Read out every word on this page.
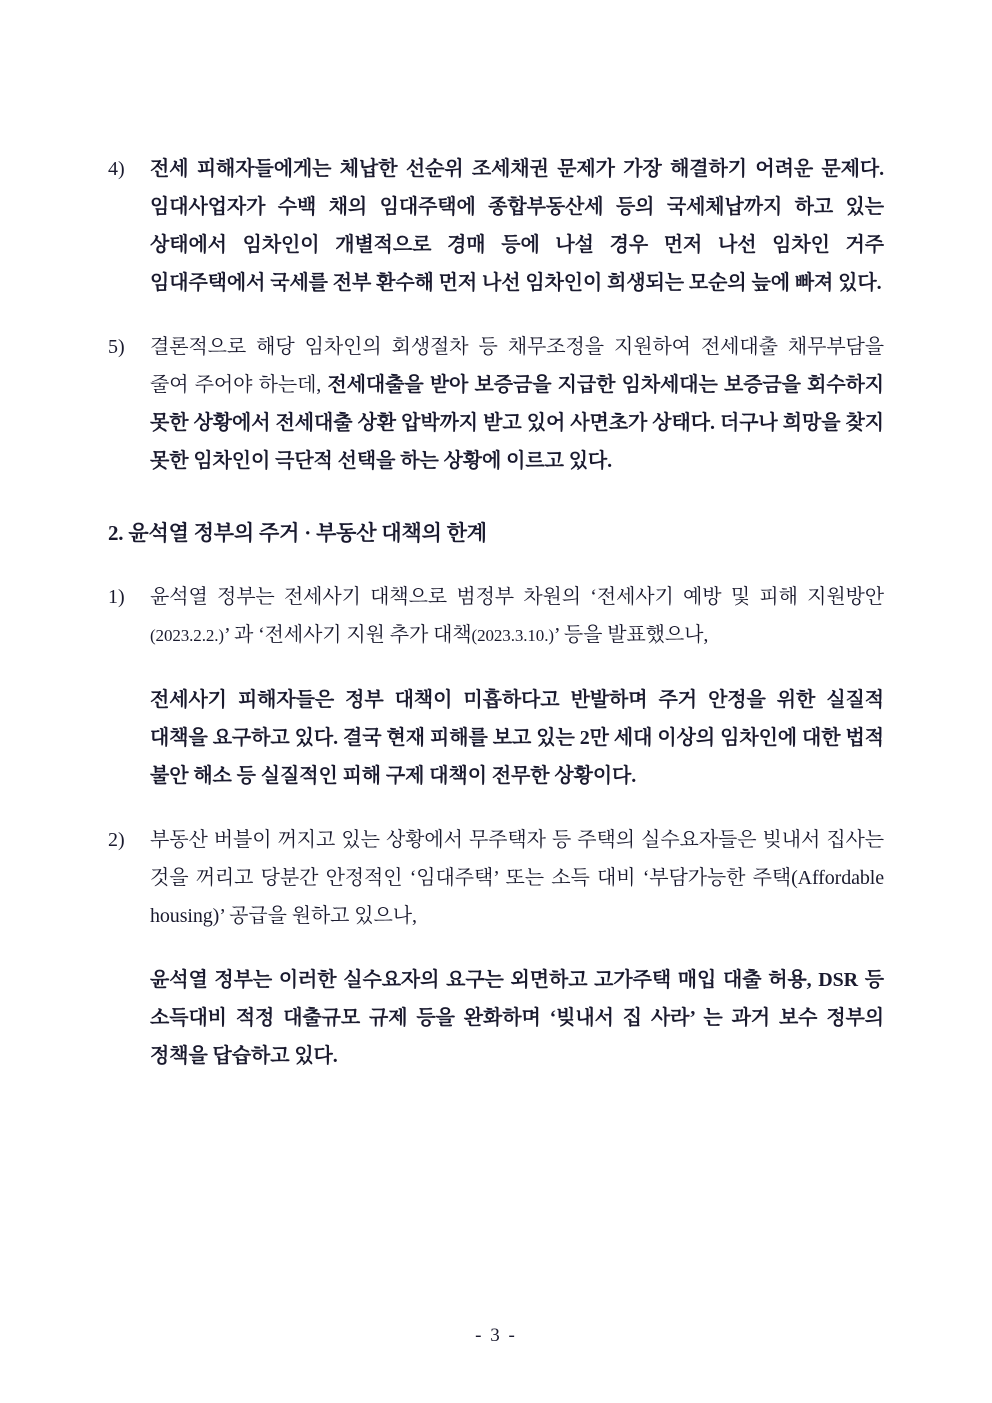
4) 전세 피해자들에게는 체납한 선순위 조세채권 문제가 가장 해결하기 어려운 문제다. 임대사업자가 수백 채의 임대주택에 종합부동산세 등의 국세체납까지 하고 있는 상태에서 임차인이 개별적으로 경매 등에 나설 경우 먼저 나선 임차인 거주 임대주택에서 국세를 전부 환수해 먼저 나선 임차인이 희생되는 모순의 늪에 빠져 있다.
5) 결론적으로 해당 임차인의 회생절차 등 채무조정을 지원하여 전세대출 채무부담을 줄여 주어야 하는데, 전세대출을 받아 보증금을 지급한 임차세대는 보증금을 회수하지 못한 상황에서 전세대출 상환 압박까지 받고 있어 사면초가 상태다. 더구나 희망을 찾지 못한 임차인이 극단적 선택을 하는 상황에 이르고 있다.
2. 윤석열 정부의 주거 · 부동산 대책의 한계
1) 윤석열 정부는 전세사기 대책으로 범정부 차원의 ‘전세사기 예방 및 피해 지원방안(2023.2.2.)’ 과 ‘전세사기 지원 추가 대책(2023.3.10.)’ 등을 발표했으나,
전세사기 피해자들은 정부 대책이 미흡하다고 반발하며 주거 안정을 위한 실질적 대책을 요구하고 있다. 결국 현재 피해를 보고 있는 2만 세대 이상의 임차인에 대한 법적 불안 해소 등 실질적인 피해 구제 대책이 전무한 상황이다.
2) 부동산 버블이 꺼지고 있는 상황에서 무주택자 등 주택의 실수요자들은 빚내서 집사는 것을 꺼리고 당분간 안정적인 ‘임대주택’ 또는 소득 대비 ‘부담가능한 주택(Affordable housing)’ 공급을 원하고 있으나,
윤석열 정부는 이러한 실수요자의 요구는 외면하고 고가주택 매입 대출 허용, DSR 등 소득대비 적정 대출규모 규제 등을 완화하며 ‘빚내서 집 사라’ 는 과거 보수 정부의 정책을 답습하고 있다.
- 3 -
